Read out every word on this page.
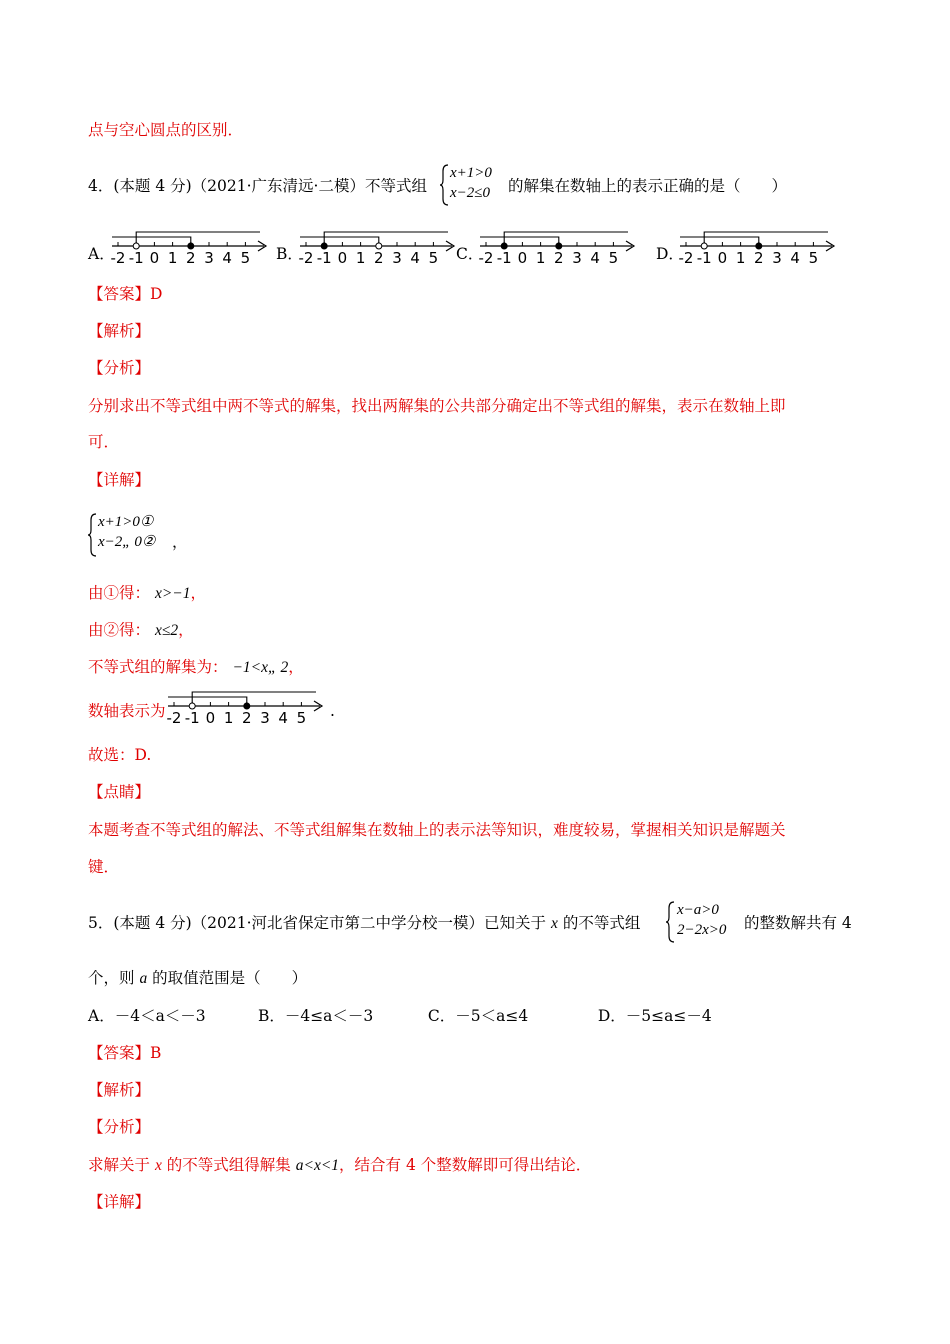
点与空心圆点的区别．
4．(本题 4 分)（2021·广东清远·二模）不等式组
x+1>0
x−2≤0	的解集在数轴上的表示正确的是（　　）
A．
-2 -1 0 1 2 3 4 5 B．
-2 -1 0 1 2 3 4 5 C．
-2 -1 0 1 2 3 4 5 D．
-2 -1 0 1 2 3 4 5
【答案】D
【解析】
【分析】
分别求出不等式组中两不等式的解集，找出两解集的公共部分确定出不等式组的解集，表示在数轴上即
可．
【详解】
x+1>0①
x−2„ 0②	，
由①得： x>−1，
由②得： x≤2，
不等式组的解集为： −1<x„ 2，
数轴表示为 -2 -1 0 1 2 3 4 5 .
故选：D.
【点睛】
本题考查不等式组的解法、不等式组解集在数轴上的表示法等知识，难度较易，掌握相关知识是解题关
键．
5．(本题 4 分)（2021·河北省保定市第二中学分校一模）已知关于 x 的不等式组
x−a>0
2−2x>0	的整数解共有 4
个，则 a 的取值范围是（　　）
A．－4＜a＜－3	B．－4≤a＜－3	C．－5＜a≤4	D．－5≤a≤－4
【答案】B
【解析】
【分析】
求解关于 x 的不等式组得解集 a<x<1，结合有 4 个整数解即可得出结论．
【详解】
